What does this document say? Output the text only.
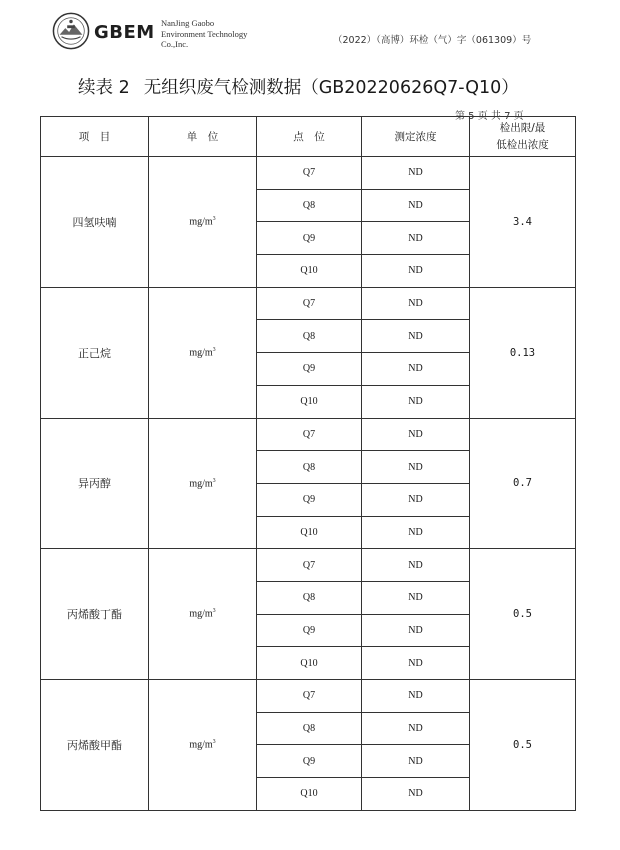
GBEM NanJing Gaobo
Environment Technology
Co.,Inc.	（2022）（高博）环检（气）字（061309）号
续表 2 无组织废气检测数据（GB20220626Q7-Q10）
第 5 页 共 7 页
项　目	单　位	点　位	测定浓度	检出限/最
低检出浓度

四氢呋喃	$mg/m^3$	Q7	ND	3.4
		Q8	ND	
		Q9	ND	
		Q10	ND	
正己烷	$mg/m^3$	Q7	ND	0.13
		Q8	ND	
		Q9	ND	
		Q10	ND	
异丙醇	$mg/m^3$	Q7	ND	0.7
		Q8	ND	
		Q9	ND	
		Q10	ND	
丙烯酸丁酯	$mg/m^3$	Q7	ND	0.5
		Q8	ND	
		Q9	ND	
		Q10	ND	
丙烯酸甲酯	$mg/m^3$	Q7	ND	0.5
		Q8	ND	
		Q9	ND	
		Q10	ND	
